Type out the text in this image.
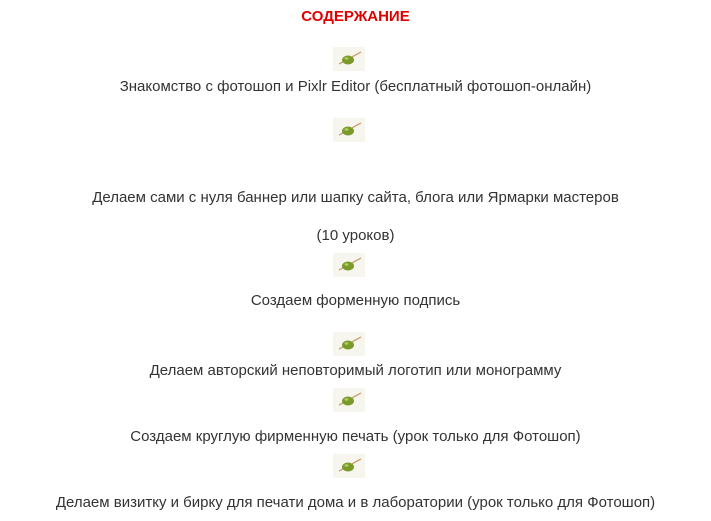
СОДЕРЖАНИЕ
Знакомство с фотошоп и Pixlr Editor (бесплатный фотошоп-онлайн)
Делаем сами с нуля баннер или шапку сайта, блога или Ярмарки мастеров
(10 уроков)
Создаем форменную подпись
Делаем авторский неповторимый логотип или монограмму
Создаем круглую фирменную печать (урок только для Фотошоп)
Делаем визитку и бирку для печати дома и в лаборатории (урок только для Фотошоп)
